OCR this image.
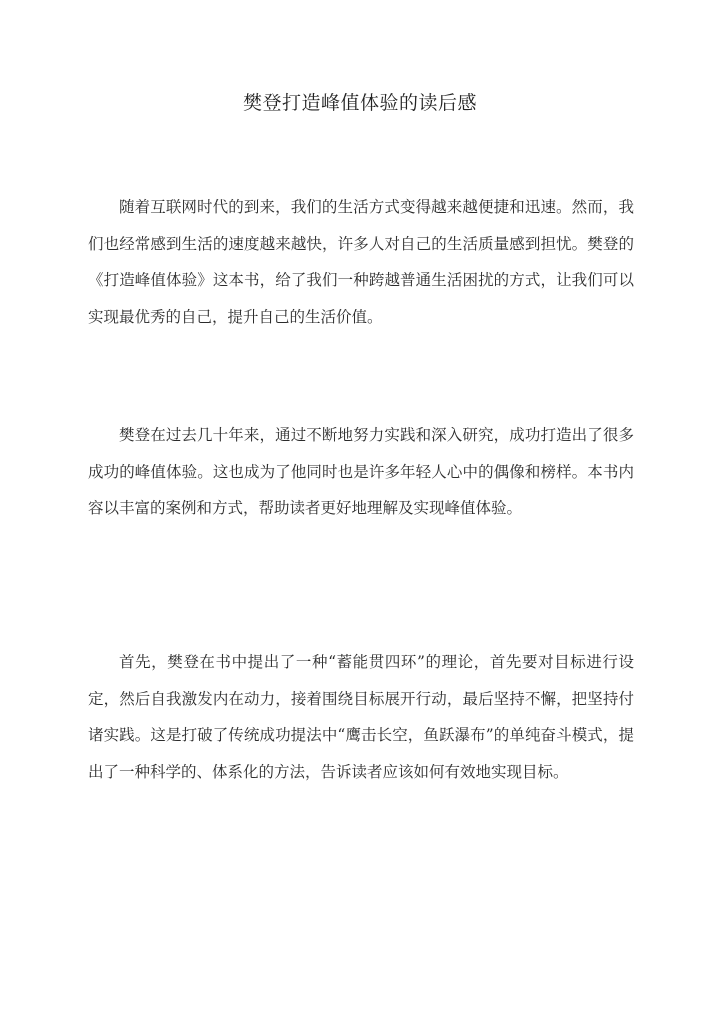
樊登打造峰值体验的读后感

随着互联网时代的到来，我们的生活方式变得越来越便捷和迅速。然而，我们也经常感到生活的速度越来越快，许多人对自己的生活质量感到担忧。樊登的《打造峰值体验》这本书，给了我们一种跨越普通生活困扰的方式，让我们可以实现最优秀的自己，提升自己的生活价值。

樊登在过去几十年来，通过不断地努力实践和深入研究，成功打造出了很多成功的峰值体验。这也成为了他同时也是许多年轻人心中的偶像和榜样。本书内容以丰富的案例和方式，帮助读者更好地理解及实现峰值体验。

首先，樊登在书中提出了一种“蓄能贯四环”的理论，首先要对目标进行设定，然后自我激发内在动力，接着围绕目标展开行动，最后坚持不懈，把坚持付诸实践。这是打破了传统成功提法中“鹰击长空，鱼跃瀑布”的单纯奋斗模式，提出了一种科学的、体系化的方法，告诉读者应该如何有效地实现目标。
